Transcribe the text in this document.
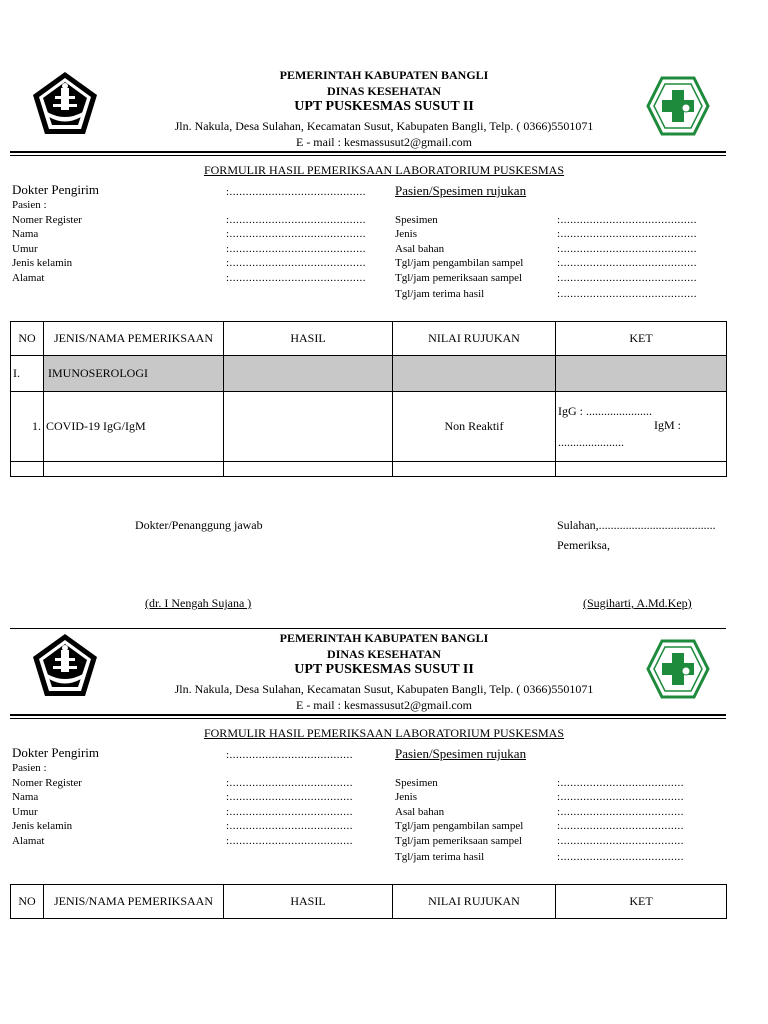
PEMERINTAH KABUPATEN BANGLI
DINAS KESEHATAN
UPT PUSKESMAS SUSUT II
Jln. Nakula, Desa Sulahan, Kecamatan Susut, Kabupaten Bangli, Telp. ( 0366)5501071
E - mail : kesmassusut2@gmail.com
FORMULIR HASIL PEMERIKSAAN LABORATORIUM PUSKESMAS
Dokter Pengirim	:..........................................
Pasien :
Nomer Register	:..........................................
Nama	:..........................................
Umur	:..........................................
Jenis kelamin	:..........................................
Alamat	:..........................................
Pasien/Spesimen rujukan
Spesimen	:..........................................
Jenis	:..........................................
Asal bahan	:..........................................
Tgl/jam pengambilan sampel	:..........................................
Tgl/jam pemeriksaan sampel	:..........................................
Tgl/jam terima hasil	:..........................................
NO	JENIS/NAMA PEMERIKSAAN	HASIL	NILAI RUJUKAN	KET
I.	IMUNOSEROLOGI			
1.	COVID-19 IgG/IgM		Non Reaktif	IgG : ......................
IgM :
......................

Dokter/Penanggung jawab	Sulahan,.......................................
Pemeriksa,
(dr. I Nengah Sujana )	(Sugiharti, A.Md.Kep)
PEMERINTAH KABUPATEN BANGLI
DINAS KESEHATAN
UPT PUSKESMAS SUSUT II
Jln. Nakula, Desa Sulahan, Kecamatan Susut, Kabupaten Bangli, Telp. ( 0366)5501071
E - mail : kesmassusut2@gmail.com
FORMULIR HASIL PEMERIKSAAN LABORATORIUM PUSKESMAS
Dokter Pengirim	:......................................
Pasien :
Nomer Register	:......................................
Nama	:......................................
Umur	:......................................
Jenis kelamin	:......................................
Alamat	:......................................
Pasien/Spesimen rujukan
Spesimen	:......................................
Jenis	:......................................
Asal bahan	:......................................
Tgl/jam pengambilan sampel	:......................................
Tgl/jam pemeriksaan sampel	:......................................
Tgl/jam terima hasil	:......................................
NO	JENIS/NAMA PEMERIKSAAN	HASIL	NILAI RUJUKAN	KET
